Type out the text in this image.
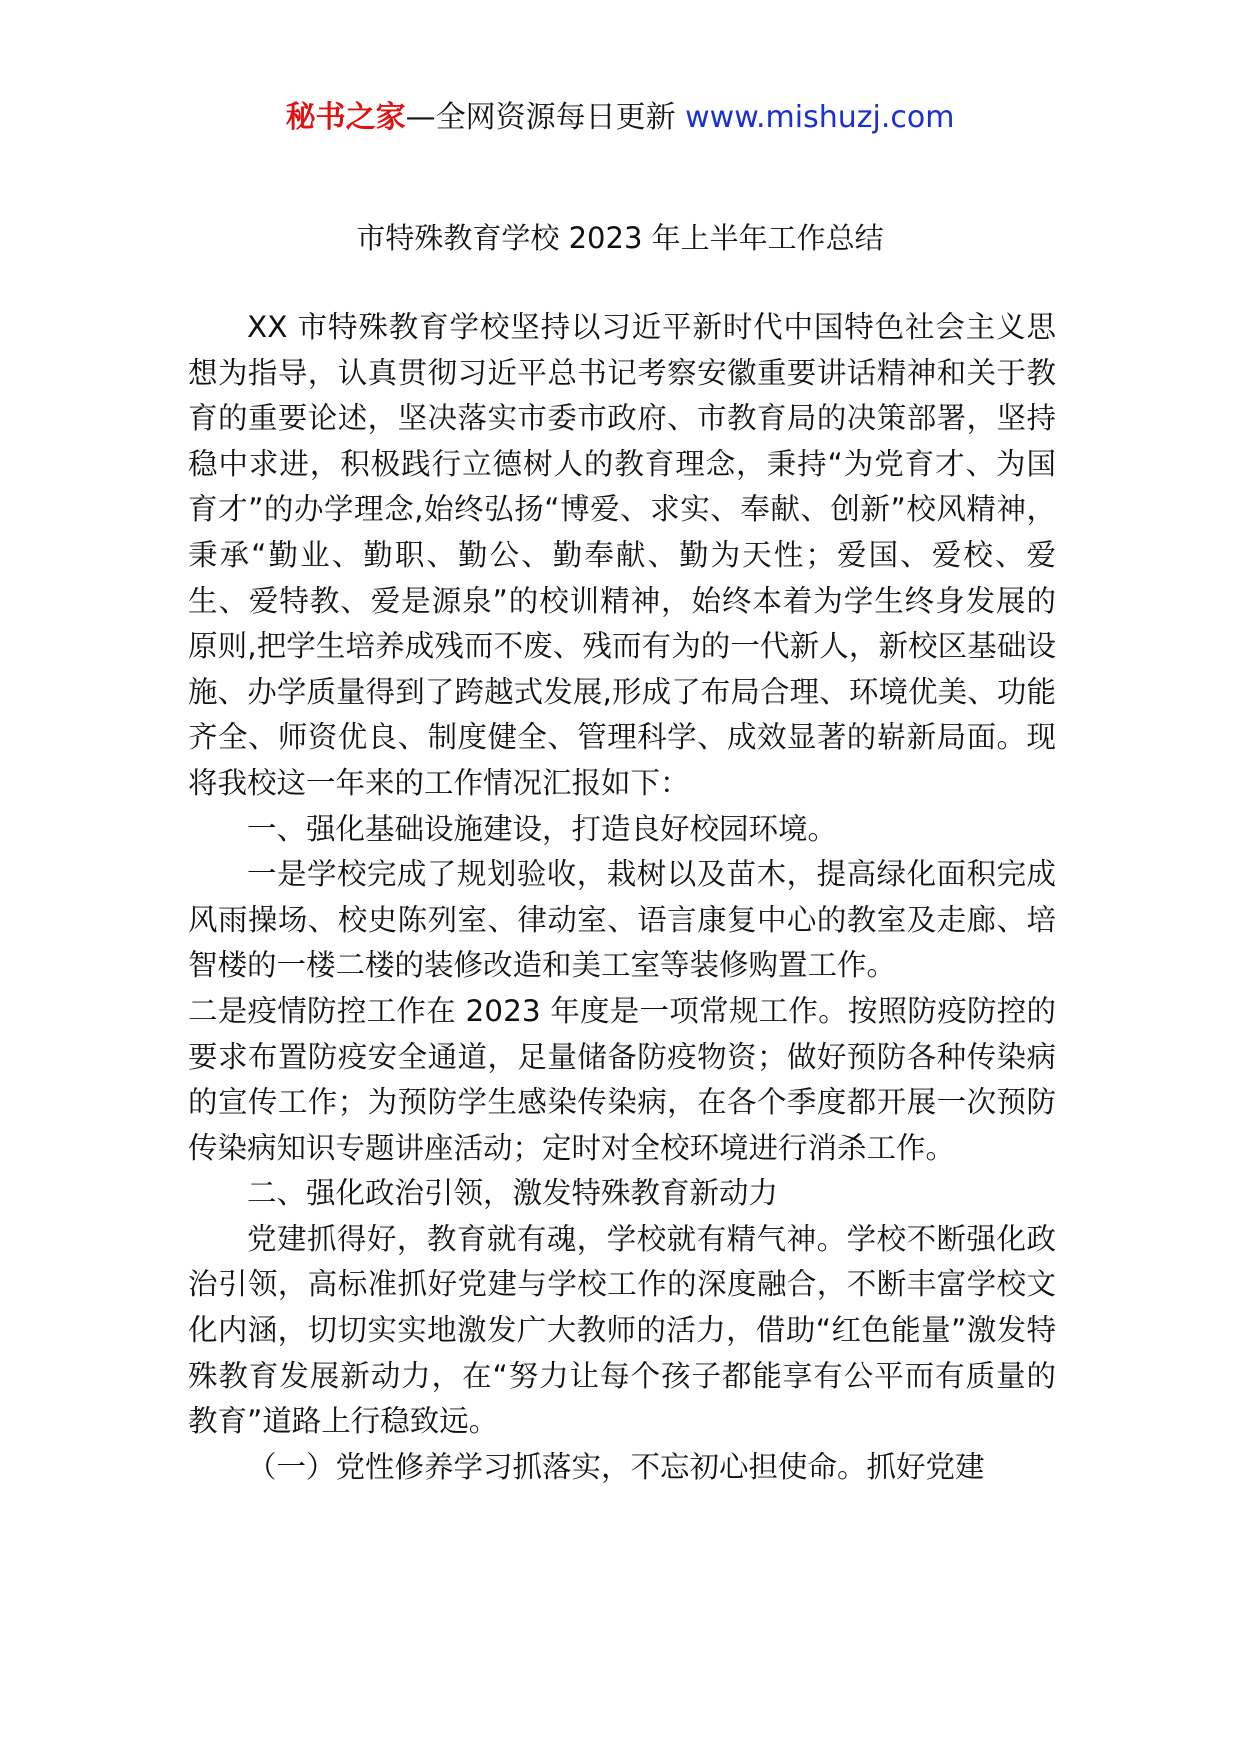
秘书之家—全网资源每日更新 www.mishuzj.com
市特殊教育学校 2023 年上半年工作总结

XX 市特殊教育学校坚持以习近平新时代中国特色社会主义思想为指导，认真贯彻习近平总书记考察安徽重要讲话精神和关于教育的重要论述，坚决落实市委市政府、市教育局的决策部署，坚持稳中求进，积极践行立德树人的教育理念，秉持“为党育才、为国育才”的办学理念,始终弘扬“博爱、求实、奉献、创新”校风精神，秉承“勤业、勤职、勤公、勤奉献、勤为天性；爱国、爱校、爱生、爱特教、爱是源泉”的校训精神，始终本着为学生终身发展的原则,把学生培养成残而不废、残而有为的一代新人，新校区基础设施、办学质量得到了跨越式发展,形成了布局合理、环境优美、功能齐全、师资优良、制度健全、管理科学、成效显著的崭新局面。现将我校这一年来的工作情况汇报如下：

一、强化基础设施建设，打造良好校园环境。

一是学校完成了规划验收，栽树以及苗木，提高绿化面积完成风雨操场、校史陈列室、律动室、语言康复中心的教室及走廊、培智楼的一楼二楼的装修改造和美工室等装修购置工作。

二是疫情防控工作在 2023 年度是一项常规工作。按照防疫防控的要求布置防疫安全通道，足量储备防疫物资；做好预防各种传染病的宣传工作；为预防学生感染传染病，在各个季度都开展一次预防传染病知识专题讲座活动；定时对全校环境进行消杀工作。

二、强化政治引领，激发特殊教育新动力

党建抓得好，教育就有魂，学校就有精气神。学校不断强化政治引领，高标准抓好党建与学校工作的深度融合，不断丰富学校文化内涵，切切实实地激发广大教师的活力，借助“红色能量”激发特殊教育发展新动力，在“努力让每个孩子都能享有公平而有质量的教育”道路上行稳致远。

（一）党性修养学习抓落实，不忘初心担使命。抓好党建
